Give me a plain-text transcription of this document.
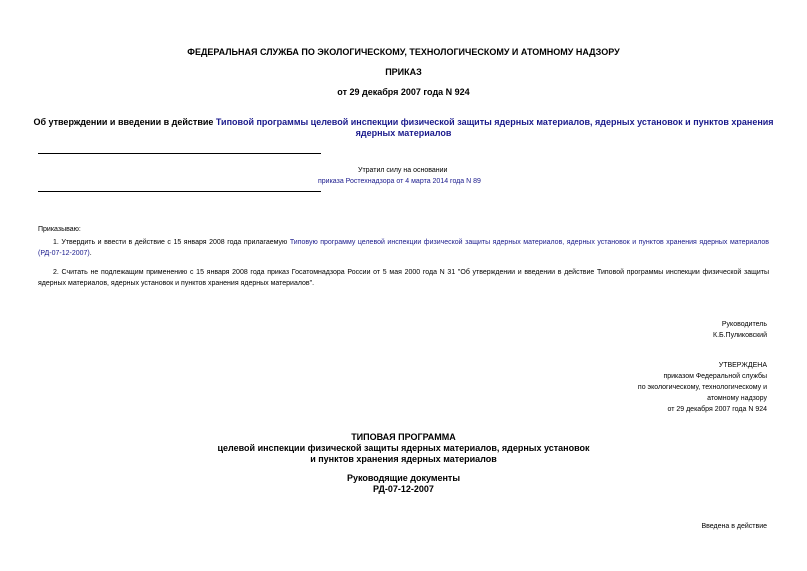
ФЕДЕРАЛЬНАЯ СЛУЖБА ПО ЭКОЛОГИЧЕСКОМУ, ТЕХНОЛОГИЧЕСКОМУ И АТОМНОМУ НАДЗОРУ
ПРИКАЗ
от 29 декабря 2007 года N 924
Об утверждении и введении в действие Типовой программы целевой инспекции физической защиты ядерных материалов, ядерных установок и пунктов хранения
ядерных материалов
Утратил силу на основании
приказа Ростехнадзора от 4 марта 2014 года N 89
Приказываю:
1. Утвердить и ввести в действие с 15 января 2008 года прилагаемую Типовую программу целевой инспекции физической защиты ядерных материалов, ядерных установок и пунктов хранения ядерных материалов (РД-07-12-2007).
2. Считать не подлежащим применению с 15 января 2008 года приказ Госатомнадзора России от 5 мая 2000 года N 31 "Об утверждении и введении в действие Типовой программы инспекции физической защиты ядерных материалов, ядерных установок и пунктов хранения ядерных материалов".
Руководитель
К.Б.Пуликовский
УТВЕРЖДЕНА
приказом Федеральной службы
по экологическому, технологическому и
атомному надзору
от 29 декабря 2007 года N 924
ТИПОВАЯ ПРОГРАММА
целевой инспекции физической защиты ядерных материалов, ядерных установок
и пунктов хранения ядерных материалов
Руководящие документы
РД-07-12-2007
Введена в действие
